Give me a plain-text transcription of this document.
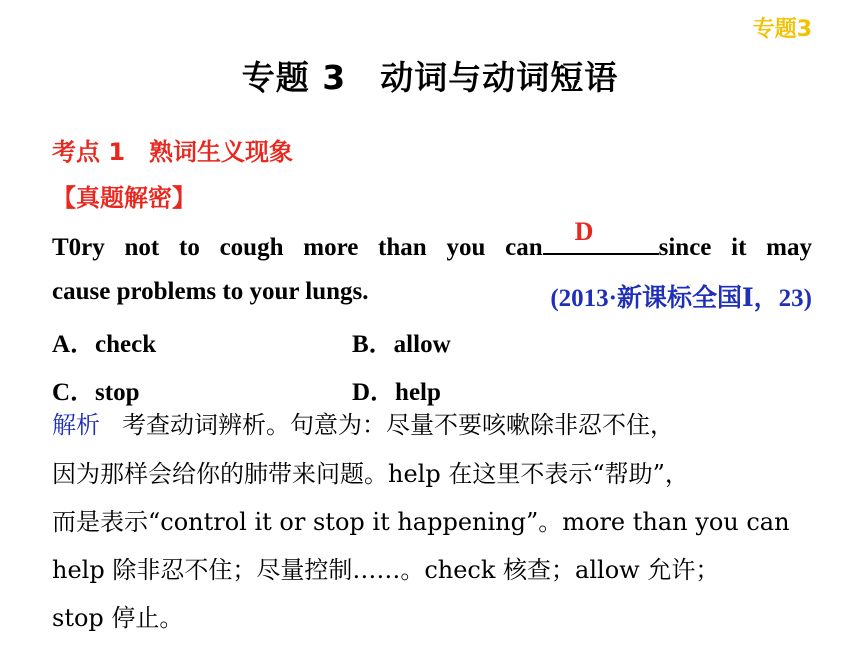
专题3
专题 3　动词与动词短语
考点 1　熟词生义现象
【真题解密】
T0ry not to cough more than you can
D
since it may
cause problems to your lungs.	(2013·新课标全国Ⅰ，23)
A．check	B．allow
C．stop	D．help
解析 考查动词辨析。句意为：尽量不要咳嗽除非忍不住，
因为那样会给你的肺带来问题。help 在这里不表示“帮助”，
而是表示“control it or stop it happening”。more than you can
help 除非忍不住；尽量控制……。check 核查；allow 允许；
stop 停止。
